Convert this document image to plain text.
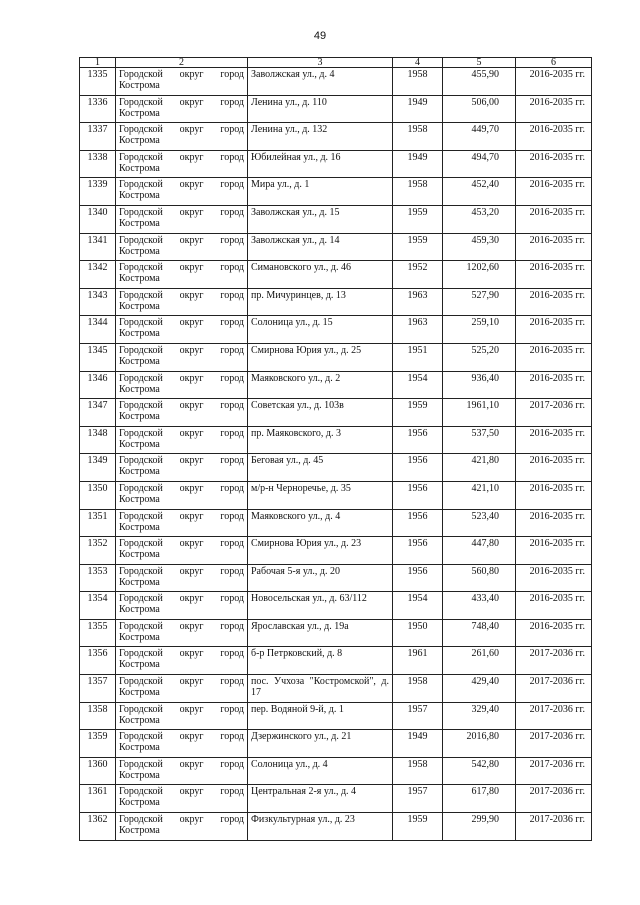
49
1	2	3	4	5	6
1335	Городской округ город Кострома	Заволжская ул., д. 4	1958	455,90	2016-2035 гг.
1336	Городской округ город Кострома	Ленина ул., д. 110	1949	506,00	2016-2035 гг.
1337	Городской округ город Кострома	Ленина ул., д. 132	1958	449,70	2016-2035 гг.
1338	Городской округ город Кострома	Юбилейная ул., д. 16	1949	494,70	2016-2035 гг.
1339	Городской округ город Кострома	Мира ул., д. 1	1958	452,40	2016-2035 гг.
1340	Городской округ город Кострома	Заволжская ул., д. 15	1959	453,20	2016-2035 гг.
1341	Городской округ город Кострома	Заволжская ул., д. 14	1959	459,30	2016-2035 гг.
1342	Городской округ город Кострома	Симановского ул., д. 46	1952	1202,60	2016-2035 гг.
1343	Городской округ город Кострома	пр. Мичуринцев, д. 13	1963	527,90	2016-2035 гг.
1344	Городской округ город Кострома	Солоница ул., д. 15	1963	259,10	2016-2035 гг.
1345	Городской округ город Кострома	Смирнова Юрия ул., д. 25	1951	525,20	2016-2035 гг.
1346	Городской округ город Кострома	Маяковского ул., д. 2	1954	936,40	2016-2035 гг.
1347	Городской округ город Кострома	Советская ул., д. 103в	1959	1961,10	2017-2036 гг.
1348	Городской округ город Кострома	пр. Маяковского, д. 3	1956	537,50	2016-2035 гг.
1349	Городской округ город Кострома	Беговая ул., д. 45	1956	421,80	2016-2035 гг.
1350	Городской округ город Кострома	м/р-н Черноречье, д. 35	1956	421,10	2016-2035 гг.
1351	Городской округ город Кострома	Маяковского ул., д. 4	1956	523,40	2016-2035 гг.
1352	Городской округ город Кострома	Смирнова Юрия ул., д. 23	1956	447,80	2016-2035 гг.
1353	Городской округ город Кострома	Рабочая 5-я ул., д. 20	1956	560,80	2016-2035 гг.
1354	Городской округ город Кострома	Новосельская ул., д. 63/112	1954	433,40	2016-2035 гг.
1355	Городской округ город Кострома	Ярославская ул., д. 19а	1950	748,40	2016-2035 гг.
1356	Городской округ город Кострома	б-р Петрковский, д. 8	1961	261,60	2017-2036 гг.
1357	Городской округ город Кострома	пос. Учхоза "Костромской", д. 17	1958	429,40	2017-2036 гг.
1358	Городской округ город Кострома	пер. Водяной 9-й, д. 1	1957	329,40	2017-2036 гг.
1359	Городской округ город Кострома	Дзержинского ул., д. 21	1949	2016,80	2017-2036 гг.
1360	Городской округ город Кострома	Солоница ул., д. 4	1958	542,80	2017-2036 гг.
1361	Городской округ город Кострома	Центральная 2-я ул., д. 4	1957	617,80	2017-2036 гг.
1362	Городской округ город Кострома	Физкультурная ул., д. 23	1959	299,90	2017-2036 гг.
